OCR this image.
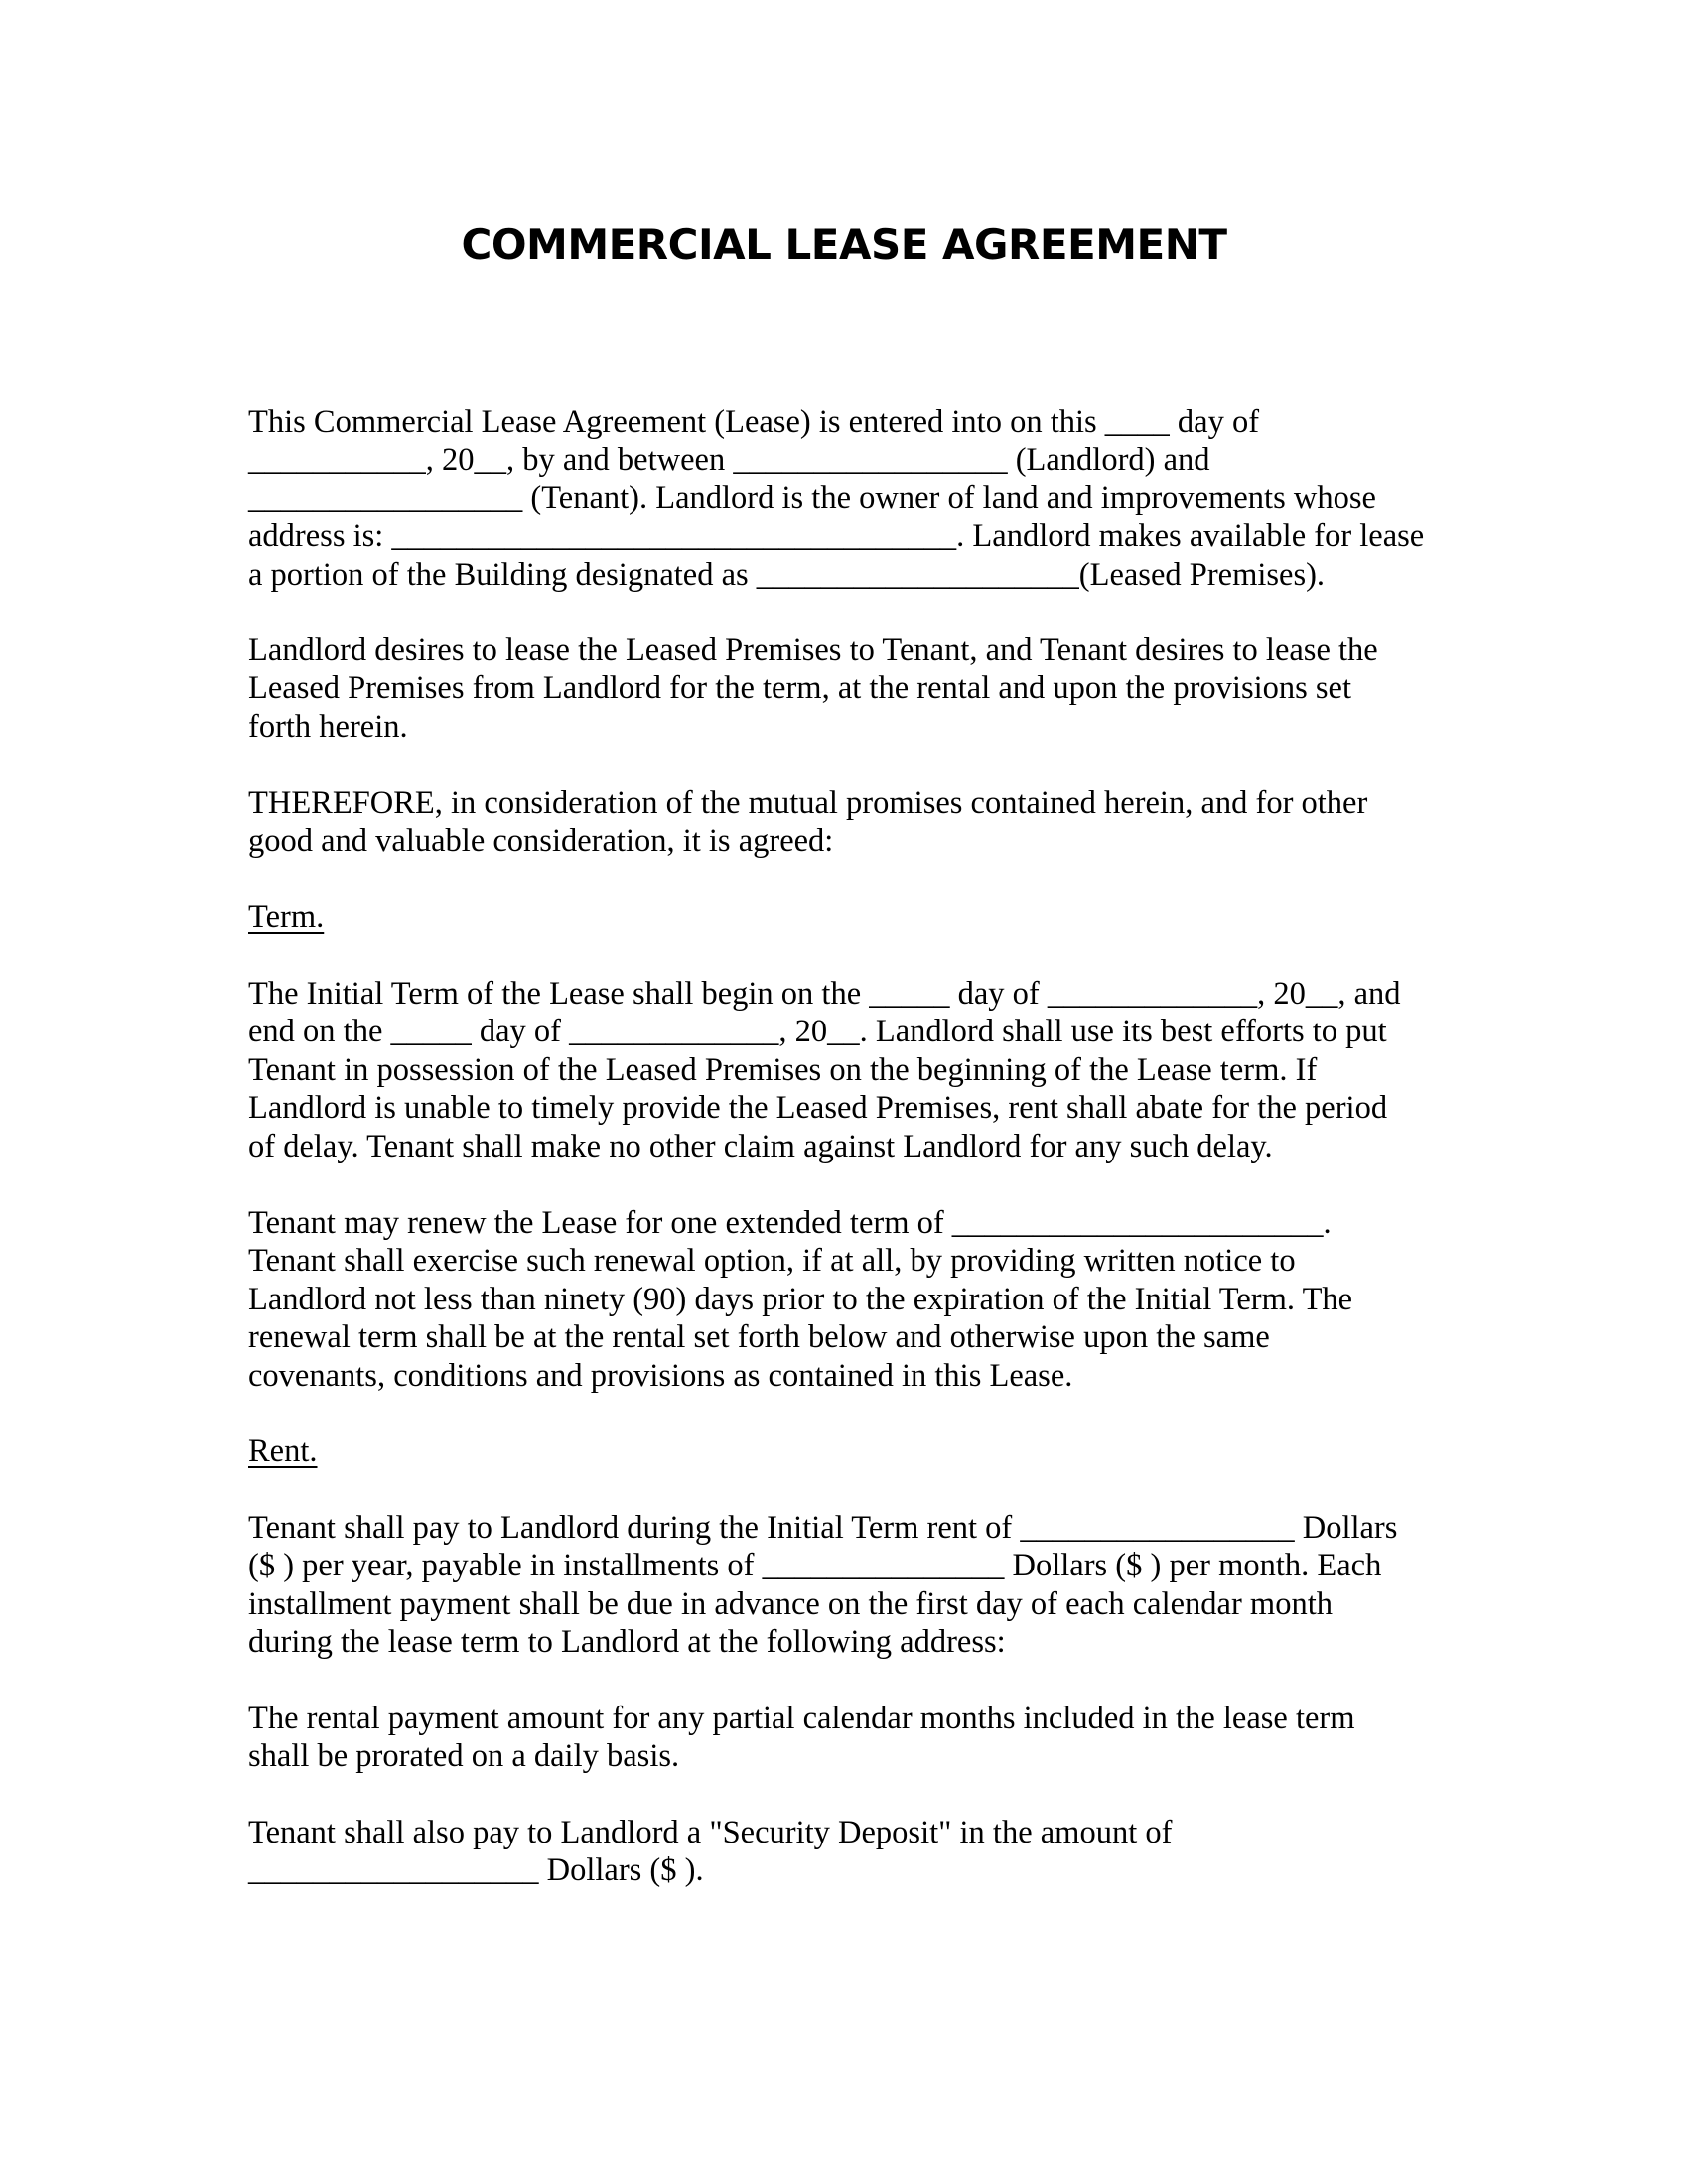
COMMERCIAL LEASE AGREEMENT

This Commercial Lease Agreement (Lease) is entered into on this ____ day of
___________, 20__, by and between _________________ (Landlord) and
_________________ (Tenant). Landlord is the owner of land and improvements whose
address is: ___________________________________. Landlord makes available for lease
a portion of the Building designated as ____________________(Leased Premises).

Landlord desires to lease the Leased Premises to Tenant, and Tenant desires to lease the
Leased Premises from Landlord for the term, at the rental and upon the provisions set
forth herein.

THEREFORE, in consideration of the mutual promises contained herein, and for other
good and valuable consideration, it is agreed:

Term.

The Initial Term of the Lease shall begin on the _____ day of _____________, 20__, and
end on the _____ day of _____________, 20__. Landlord shall use its best efforts to put
Tenant in possession of the Leased Premises on the beginning of the Lease term. If
Landlord is unable to timely provide the Leased Premises, rent shall abate for the period
of delay. Tenant shall make no other claim against Landlord for any such delay.

Tenant may renew the Lease for one extended term of _______________________.
Tenant shall exercise such renewal option, if at all, by providing written notice to
Landlord not less than ninety (90) days prior to the expiration of the Initial Term. The
renewal term shall be at the rental set forth below and otherwise upon the same
covenants, conditions and provisions as contained in this Lease.

Rent.

Tenant shall pay to Landlord during the Initial Term rent of _________________ Dollars
($ ) per year, payable in installments of _______________ Dollars ($ ) per month. Each
installment payment shall be due in advance on the first day of each calendar month
during the lease term to Landlord at the following address:

The rental payment amount for any partial calendar months included in the lease term
shall be prorated on a daily basis.

Tenant shall also pay to Landlord a "Security Deposit" in the amount of
__________________ Dollars ($ ).
